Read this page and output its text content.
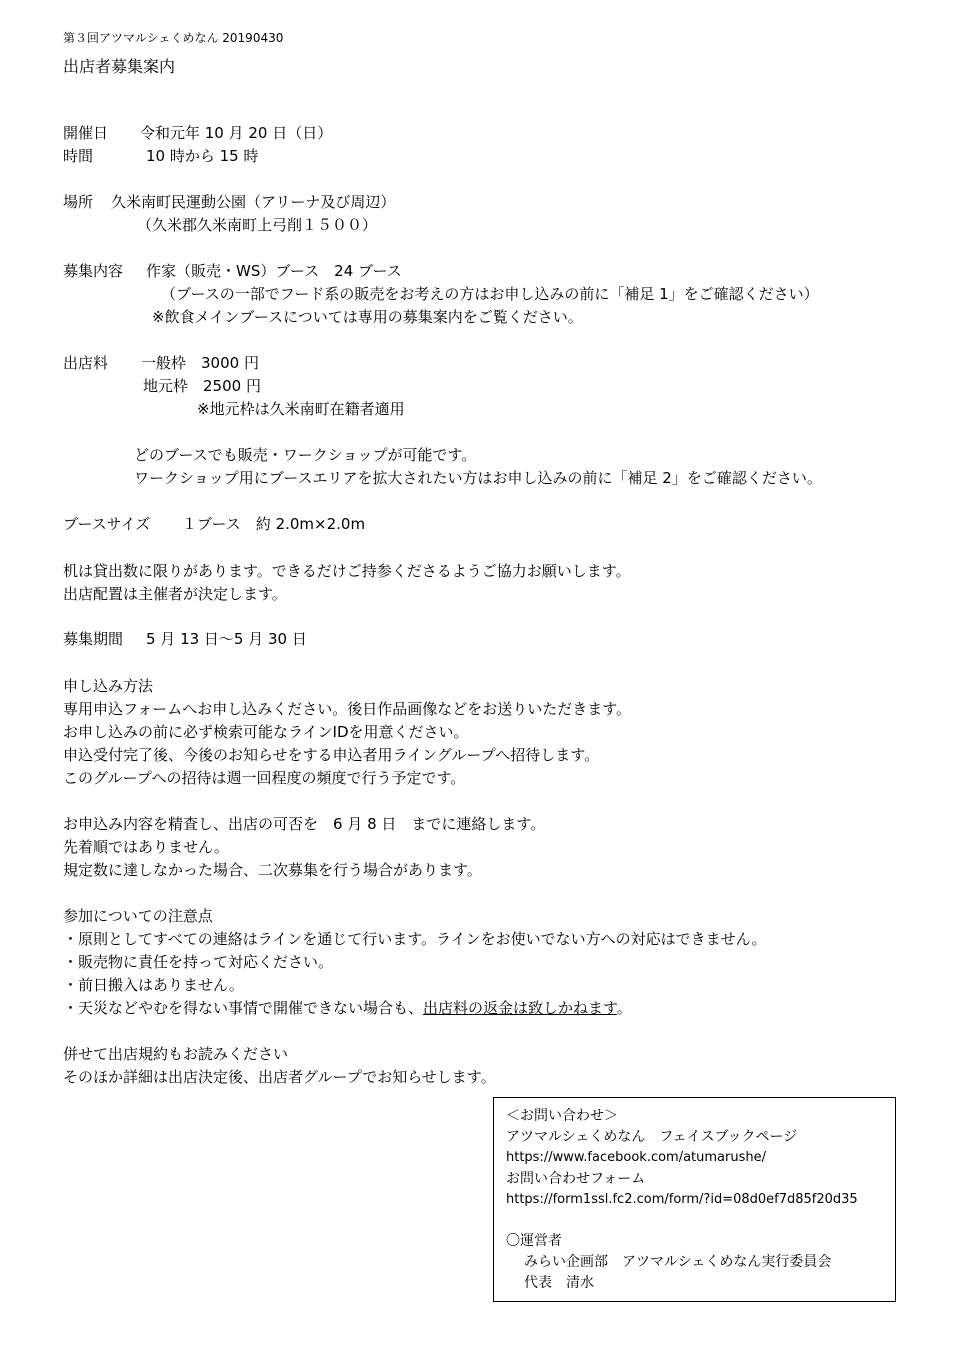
第３回アツマルシェくめなん 20190430
出店者募集案内
開催日 令和元年 10 月 20 日（日）
時間	10 時から 15 時
場所 久米南町民運動公園（アリーナ及び周辺）
（久米郡久米南町上弓削１５００）
募集内容 作家（販売・WS）ブース　24 ブース
（ブースの一部でフード系の販売をお考えの方はお申し込みの前に「補足 1」をご確認ください）
※飲食メインブースについては専用の募集案内をご覧ください。
出店料 一般枠　3000 円
地元枠　2500 円
※地元枠は久米南町在籍者適用
どのブースでも販売・ワークショップが可能です。
ワークショップ用にブースエリアを拡大されたい方はお申し込みの前に「補足 2」をご確認ください。
ブースサイズ １ブース　約 2.0m×2.0m
机は貸出数に限りがあります。できるだけご持参くださるようご協力お願いします。
出店配置は主催者が決定します。
募集期間 5 月 13 日～5 月 30 日
申し込み方法
専用申込フォームへお申し込みください。後日作品画像などをお送りいただきます。
お申し込みの前に必ず検索可能なラインIDを用意ください。
申込受付完了後、今後のお知らせをする申込者用ライングループへ招待します。
このグループへの招待は週一回程度の頻度で行う予定です。
お申込み内容を精査し、出店の可否を　6 月 8 日　までに連絡します。
先着順ではありません。
規定数に達しなかった場合、二次募集を行う場合があります。
参加についての注意点
・原則としてすべての連絡はラインを通じて行います。ラインをお使いでない方への対応はできません。
・販売物に責任を持って対応ください。
・前日搬入はありません。
・天災などやむを得ない事情で開催できない場合も、出店料の返金は致しかねます。
併せて出店規約もお読みください
そのほか詳細は出店決定後、出店者グループでお知らせします。
＜お問い合わせ＞
アツマルシェくめなん　フェイスブックページ
https://www.facebook.com/atumarushe/
お問い合わせフォーム
https://form1ssl.fc2.com/form/?id=08d0ef7d85f20d35
〇運営者
みらい企画部　アツマルシェくめなん実行委員会
代表　清水
